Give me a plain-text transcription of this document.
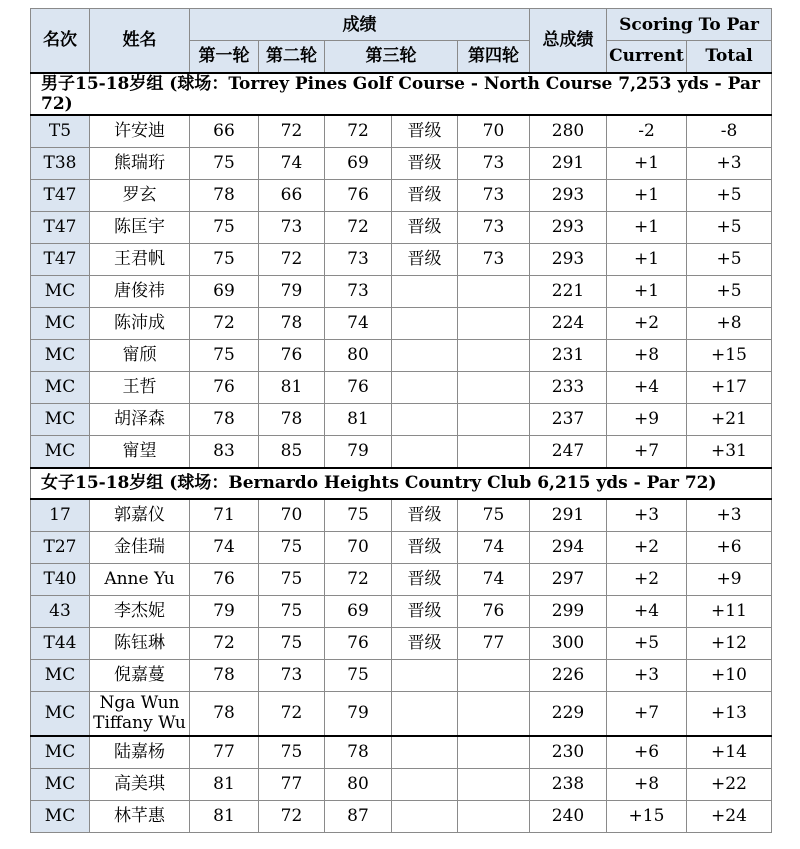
名次	姓名	成绩					总成绩	Scoring To Par	
		第一轮	第二轮	第三轮		第四轮		Current	Total
男子15-18岁组 (球场：Torrey Pines Golf Course - North Course 7,253 yds - Par 72)									
T5	许安迪	66	72	72	晋级	70	280	-2	-8
T38	熊瑞珩	75	74	69	晋级	73	291	+1	+3
T47	罗玄	78	66	76	晋级	73	293	+1	+5
T47	陈匡宇	75	73	72	晋级	73	293	+1	+5
T47	王君帆	75	72	73	晋级	73	293	+1	+5
MC	唐俊祎	69	79	73			221	+1	+5
MC	陈沛成	72	78	74			224	+2	+8
MC	甯颀	75	76	80			231	+8	+15
MC	王哲	76	81	76			233	+4	+17
MC	胡泽森	78	78	81			237	+9	+21
MC	甯望	83	85	79			247	+7	+31
女子15-18岁组 (球场：Bernardo Heights Country Club 6,215 yds - Par 72)									
17	郭嘉仪	71	70	75	晋级	75	291	+3	+3
T27	金佳瑞	74	75	70	晋级	74	294	+2	+6
T40	Anne Yu	76	75	72	晋级	74	297	+2	+9
43	李杰妮	79	75	69	晋级	76	299	+4	+11
T44	陈钰琳	72	75	76	晋级	77	300	+5	+12
MC	倪嘉蔓	78	73	75			226	+3	+10
MC	Nga Wun Tiffany Wu	78	72	79			229	+7	+13
MC	陆嘉杨	77	75	78			230	+6	+14
MC	高美琪	81	77	80			238	+8	+22
MC	林芊惠	81	72	87			240	+15	+24
